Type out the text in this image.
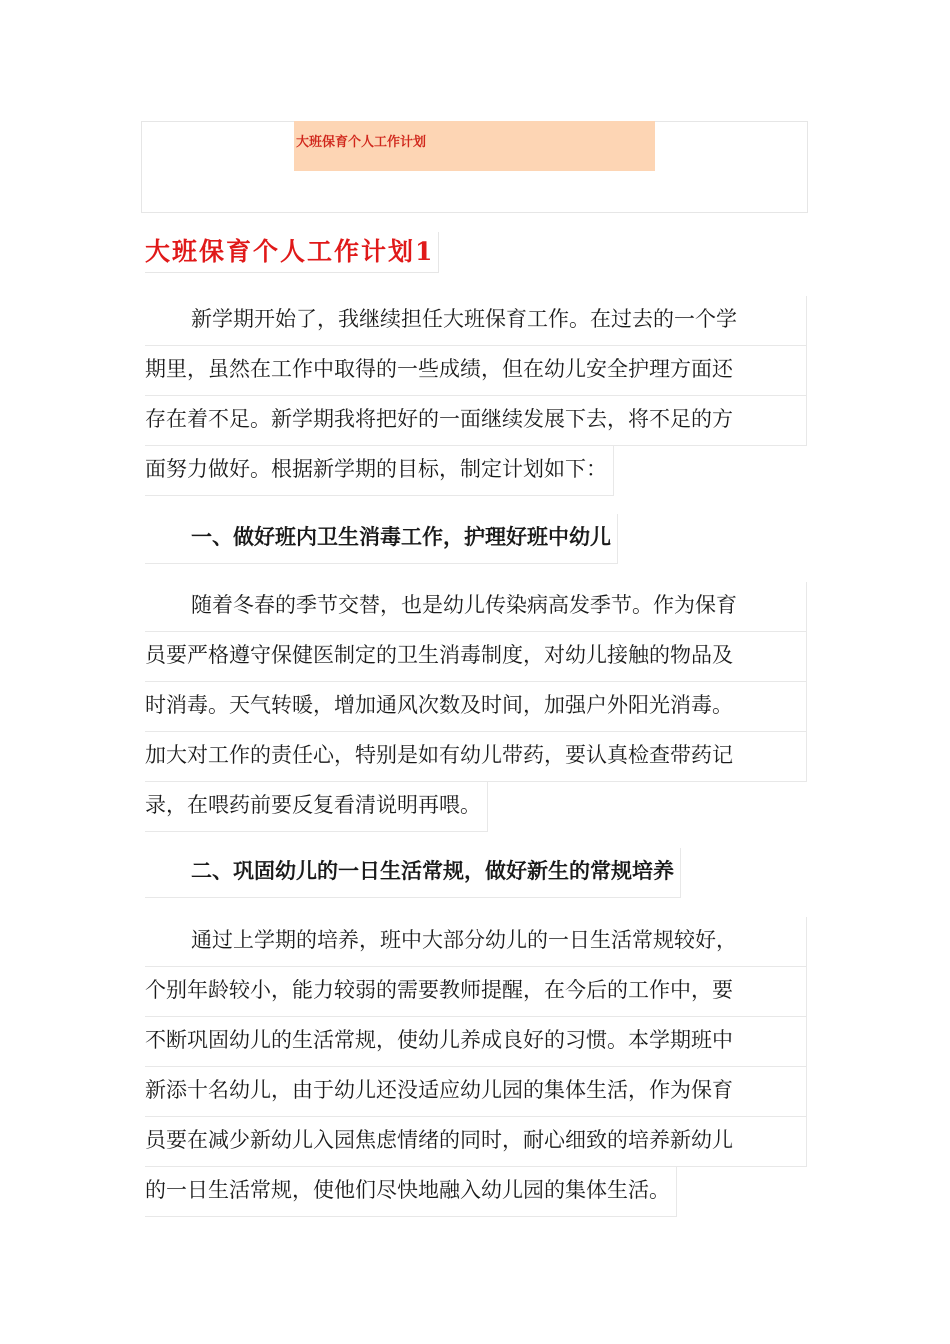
大班保育个人工作计划
大班保育个人工作计划1
新学期开始了，我继续担任大班保育工作。在过去的一个学
期里，虽然在工作中取得的一些成绩，但在幼儿安全护理方面还
存在着不足。新学期我将把好的一面继续发展下去，将不足的方
面努力做好。根据新学期的目标，制定计划如下：
一、做好班内卫生消毒工作，护理好班中幼儿
随着冬春的季节交替，也是幼儿传染病高发季节。作为保育
员要严格遵守保健医制定的卫生消毒制度，对幼儿接触的物品及
时消毒。天气转暖，增加通风次数及时间，加强户外阳光消毒。
加大对工作的责任心，特别是如有幼儿带药，要认真检查带药记
录，在喂药前要反复看清说明再喂。
二、巩固幼儿的一日生活常规，做好新生的常规培养
通过上学期的培养，班中大部分幼儿的一日生活常规较好，
个别年龄较小，能力较弱的需要教师提醒，在今后的工作中，要
不断巩固幼儿的生活常规，使幼儿养成良好的习惯。本学期班中
新添十名幼儿，由于幼儿还没适应幼儿园的集体生活，作为保育
员要在减少新幼儿入园焦虑情绪的同时，耐心细致的培养新幼儿
的一日生活常规，使他们尽快地融入幼儿园的集体生活。
